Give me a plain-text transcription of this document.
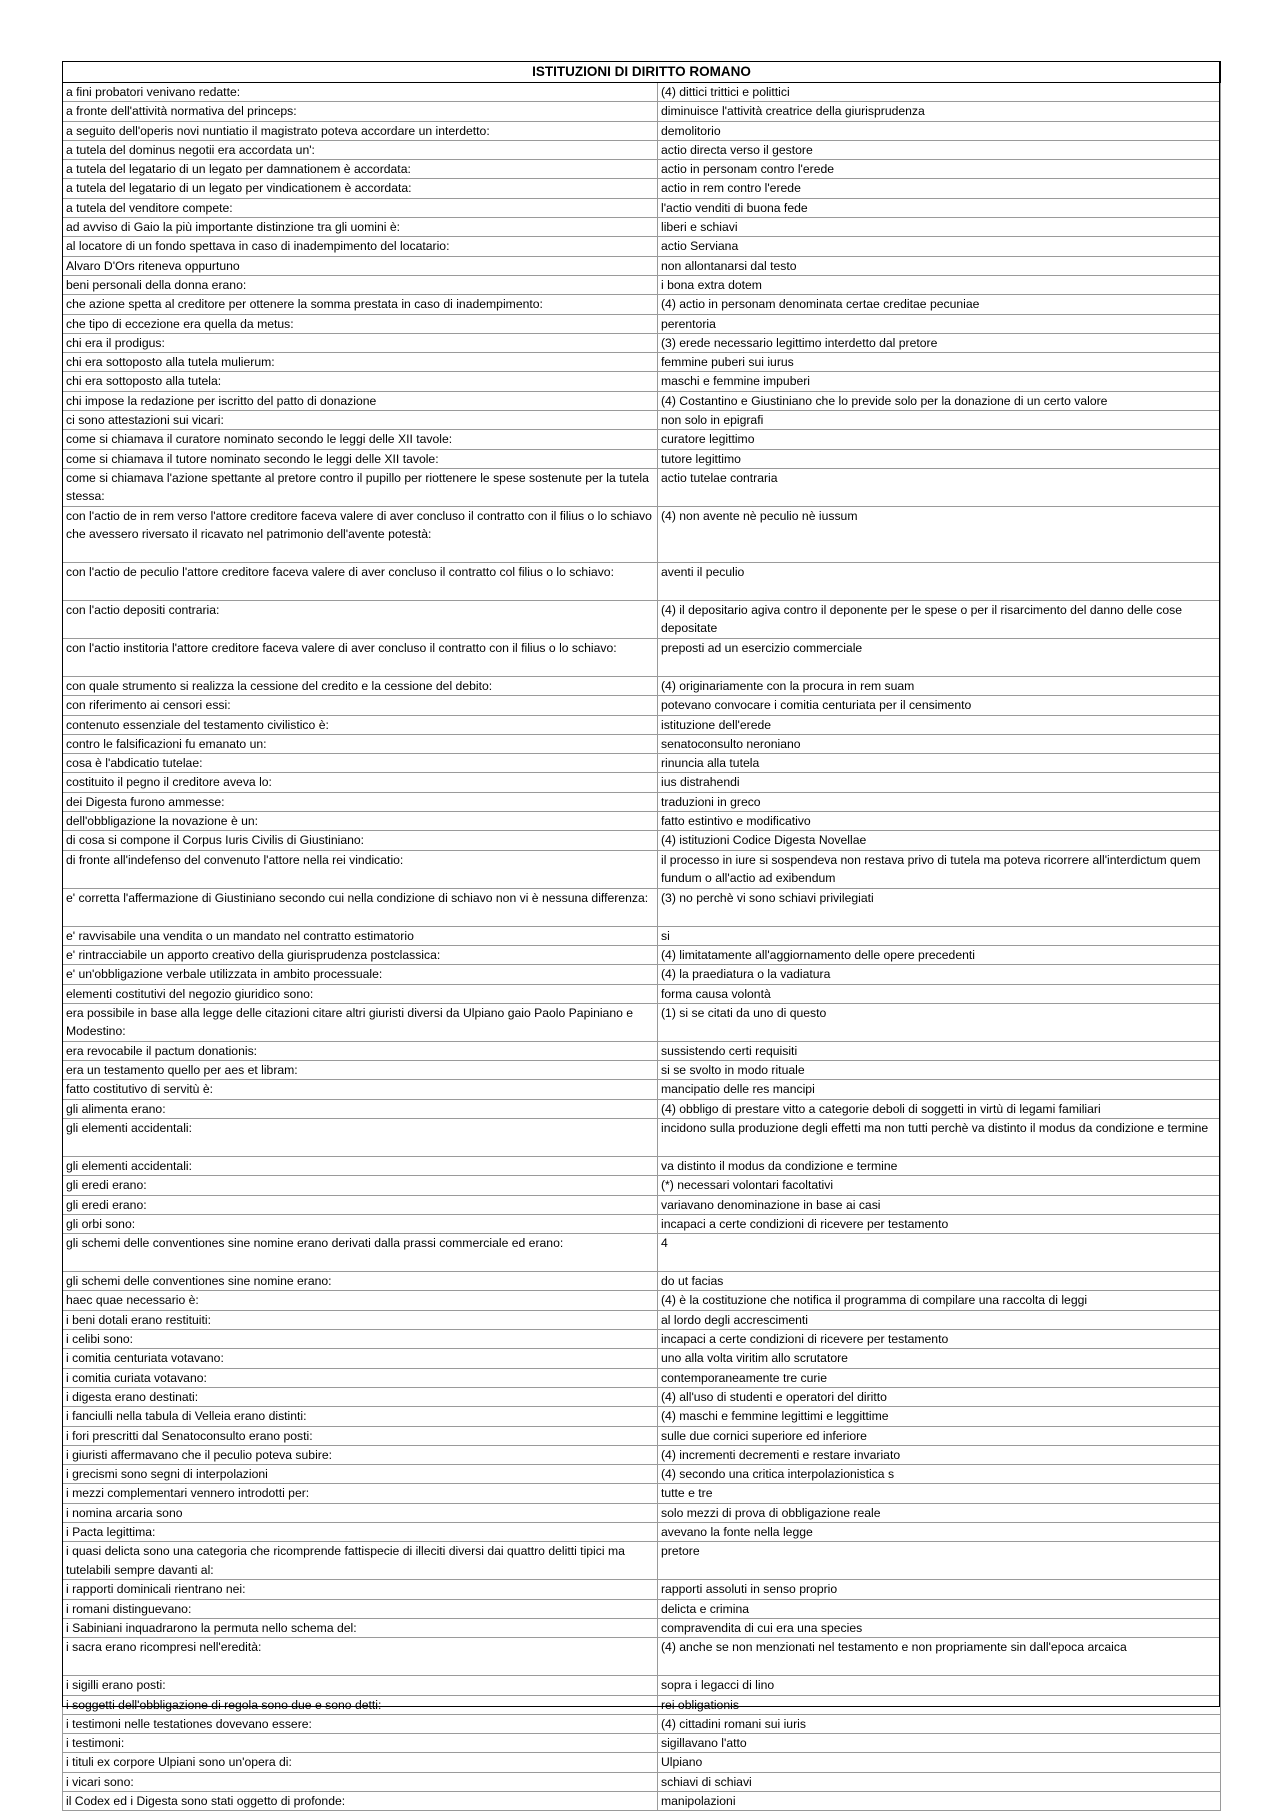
ISTITUZIONI DI DIRITTO ROMANO	
a fini probatori venivano redatte:	(4) dittici trittici e polittici
a fronte dell'attività normativa del princeps:	diminuisce l'attività creatrice della giurisprudenza
a seguito dell'operis novi nuntiatio il magistrato poteva accordare un interdetto:	demolitorio
a tutela del dominus negotii era accordata un':	actio directa verso il gestore
a tutela del legatario di un legato per damnationem è accordata:	actio in personam contro l'erede
a tutela del legatario di un legato per vindicationem è accordata:	actio in rem contro l'erede
a tutela del venditore compete:	l'actio venditi di buona fede
ad avviso di Gaio la più importante distinzione tra gli uomini è:	liberi e schiavi
al locatore di un fondo spettava in caso di inadempimento del locatario:	actio Serviana
Alvaro D'Ors riteneva oppurtuno	non allontanarsi dal testo
beni personali della donna erano:	i bona extra dotem
che azione spetta al creditore per ottenere la somma prestata in caso di inadempimento:	(4) actio in personam denominata certae creditae pecuniae
che tipo di eccezione era quella da metus:	perentoria
chi era il prodigus:	(3) erede necessario legittimo interdetto dal pretore
chi era sottoposto alla tutela mulierum:	femmine puberi sui iurus
chi era sottoposto alla tutela:	maschi e femmine impuberi
chi impose la redazione per iscritto del patto di donazione	(4) Costantino e Giustiniano che lo previde solo per la donazione di un certo valore
ci sono attestazioni sui vicari:	non solo in epigrafi
come si chiamava il curatore nominato secondo le leggi delle XII tavole:	curatore legittimo
come si chiamava il tutore nominato secondo le leggi delle XII tavole:	tutore legittimo
come si chiamava l'azione spettante al pretore contro il pupillo per riottenere le spese sostenute per la tutela stessa:	actio tutelae contraria
con l'actio de in rem verso l'attore creditore faceva valere di aver concluso il contratto con il filius o lo schiavo che avessero riversato il ricavato nel patrimonio dell'avente potestà:	(4) non avente nè peculio nè iussum
con l'actio de peculio l'attore creditore faceva valere di aver concluso il contratto col filius o lo schiavo:	aventi il peculio
con l'actio depositi contraria:	(4) il depositario agiva contro il deponente per le spese o per il risarcimento del danno delle cose depositate
con l'actio institoria l'attore creditore faceva valere di aver concluso il contratto con il filius o lo schiavo:	preposti ad un esercizio commerciale
con quale strumento si realizza la cessione del credito e la cessione del debito:	(4) originariamente con la procura in rem suam
con riferimento ai censori essi:	potevano convocare i comitia centuriata per il censimento
contenuto essenziale del testamento civilistico è:	istituzione dell'erede
contro le falsificazioni fu emanato un:	senatoconsulto neroniano
cosa è l'abdicatio tutelae:	rinuncia alla tutela
costituito il pegno il creditore aveva lo:	ius distrahendi
dei Digesta furono ammesse:	traduzioni in greco
dell'obbligazione la novazione è un:	fatto estintivo e modificativo
di cosa si compone il Corpus Iuris Civilis di Giustiniano:	(4) istituzioni Codice Digesta Novellae
di fronte all'indefenso del convenuto l'attore nella rei vindicatio:	il processo in iure si sospendeva non restava privo di tutela ma poteva ricorrere all'interdictum quem fundum o all'actio ad exibendum
e' corretta l'affermazione di Giustiniano secondo cui nella condizione di schiavo non vi è nessuna differenza:	(3) no perchè vi sono schiavi privilegiati
e' ravvisabile una vendita o un mandato nel contratto estimatorio	si
e' rintracciabile un apporto creativo della giurisprudenza postclassica:	(4) limitatamente all'aggiornamento delle opere precedenti
e' un'obbligazione verbale utilizzata in ambito processuale:	(4) la praediatura o la vadiatura
elementi costitutivi del negozio giuridico sono:	forma causa volontà
era possibile in base alla legge delle citazioni citare altri giuristi diversi da Ulpiano gaio Paolo Papiniano e Modestino:	(1) si se citati da uno di questo
era revocabile il pactum donationis:	sussistendo certi requisiti
era un testamento quello per aes et libram:	si se svolto in modo rituale
fatto costitutivo di servitù è:	mancipatio delle res mancipi
gli alimenta erano:	(4) obbligo di prestare vitto a categorie deboli di soggetti in virtù di legami familiari
gli elementi accidentali:	incidono sulla produzione degli effetti ma non tutti perchè va distinto il modus da condizione e termine
gli elementi accidentali:	va distinto il modus da condizione e termine
gli eredi erano:	(*) necessari volontari facoltativi
gli eredi erano:	variavano denominazione in base ai casi
gli orbi sono:	incapaci a certe condizioni di ricevere per testamento
gli schemi delle conventiones sine nomine erano derivati dalla prassi commerciale ed erano:	4
gli schemi delle conventiones sine nomine erano:	do ut facias
haec quae necessario è:	(4) è la costituzione che notifica il programma di compilare una raccolta di leggi
i beni dotali erano restituiti:	al lordo degli accrescimenti
i celibi sono:	incapaci a certe condizioni di ricevere per testamento
i comitia centuriata votavano:	uno alla volta viritim allo scrutatore
i comitia curiata votavano:	contemporaneamente tre curie
i digesta erano destinati:	(4) all'uso di studenti e operatori del diritto
i fanciulli nella tabula di Velleia erano distinti:	(4) maschi e femmine legittimi e leggittime
i fori prescritti dal Senatoconsulto erano posti:	sulle due cornici superiore ed inferiore
i giuristi affermavano che il peculio poteva subire:	(4) incrementi decrementi e restare invariato
i grecismi sono segni di interpolazioni	(4) secondo una critica interpolazionistica s
i mezzi complementari vennero introdotti per:	tutte e tre
i nomina arcaria sono	solo mezzi di prova di obbligazione reale
i Pacta legittima:	avevano la fonte nella legge
i quasi delicta sono una categoria che ricomprende fattispecie di illeciti diversi dai quattro delitti tipici ma tutelabili sempre davanti al:	pretore
i rapporti dominicali rientrano nei:	rapporti assoluti in senso proprio
i romani distinguevano:	delicta e crimina
i Sabiniani inquadrarono la permuta nello schema del:	compravendita di cui era una species
i sacra erano ricompresi nell'eredità:	(4) anche se non menzionati nel testamento e non propriamente sin dall'epoca arcaica
i sigilli erano posti:	sopra i legacci di lino
i soggetti dell'obbligazione di regola sono due e sono detti:	rei obligationis
i testimoni nelle testationes dovevano essere:	(4) cittadini romani sui iuris
i testimoni:	sigillavano l'atto
i tituli ex corpore Ulpiani sono un'opera di:	Ulpiano
i vicari sono:	schiavi di schiavi
il Codex ed i Digesta sono stati oggetto di profonde:	manipolazioni
